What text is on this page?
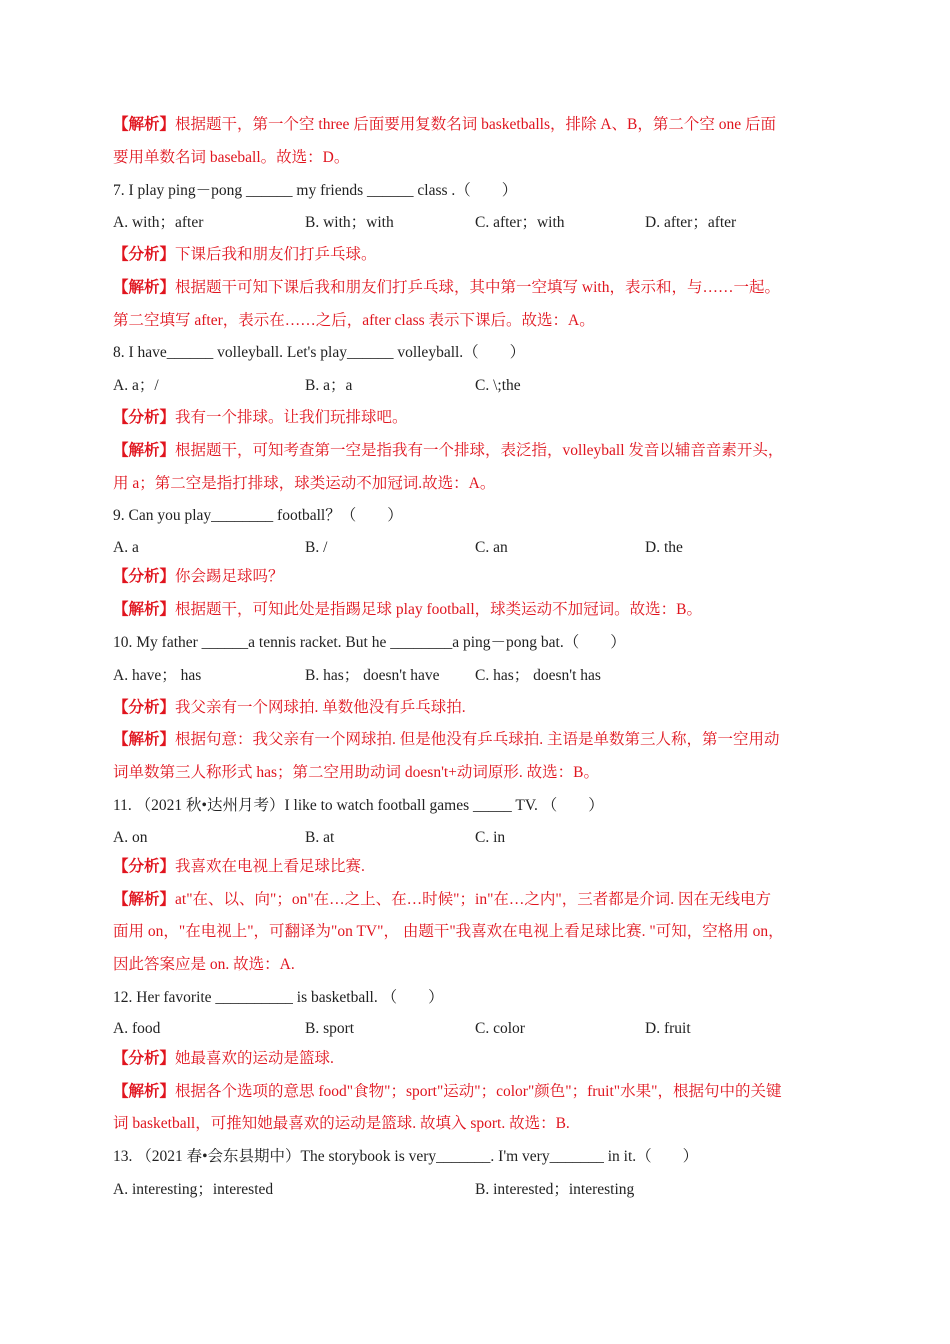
【解析】根据题干，第一个空 three 后面要用复数名词 basketballs，排除 A、B，第二个空 one 后面
要用单数名词 baseball。故选：D。
7. I play ping－pong ______ my friends ______ class .（　　）
A. with；after	B. with；with	C. after；with	D. after；after
【分析】下课后我和朋友们打乒乓球。
【解析】根据题干可知下课后我和朋友们打乒乓球，其中第一空填写 with，表示和，与……一起。
第二空填写 after，表示在……之后，after class 表示下课后。故选：A。
8. I have______ volleyball. Let's play______ volleyball.（　　）
A. a；/	B. a；a	C. \;the
【分析】我有一个排球。让我们玩排球吧。
【解析】根据题干，可知考查第一空是指我有一个排球，表泛指，volleyball 发音以辅音音素开头，
用 a；第二空是指打排球，球类运动不加冠词.故选：A。
9. Can you play________ football？（　　）
A. a	B. /	C. an	D. the
【分析】你会踢足球吗？
【解析】根据题干，可知此处是指踢足球 play football，球类运动不加冠词。故选：B。
10. My father ______a tennis racket. But he ________a ping－pong bat.（　　）
A. have； has	B. has； doesn't have C. has； doesn't has
【分析】我父亲有一个网球拍. 单数他没有乒乓球拍.
【解析】根据句意：我父亲有一个网球拍. 但是他没有乒乓球拍. 主语是单数第三人称，第一空用动
词单数第三人称形式 has；第二空用助动词 doesn't+动词原形. 故选：B。
11. （2021 秋•达州月考）I like to watch football games _____ TV. （　　）
A. on	B. at	C. in
【分析】我喜欢在电视上看足球比赛.
【解析】at"在、以、向"；on"在…之上、在…时候"；in"在…之内"，三者都是介词. 因在无线电方
面用 on，"在电视上"，可翻译为"on TV"， 由题干"我喜欢在电视上看足球比赛. "可知，空格用 on，
因此答案应是 on. 故选：A.
12. Her favorite __________ is basketball. （　　）
A. food	B. sport	C. color	D. fruit
【分析】她最喜欢的运动是篮球.
【解析】根据各个选项的意思 food"食物"；sport"运动"；color"颜色"；fruit"水果"，根据句中的关键
词 basketball，可推知她最喜欢的运动是篮球. 故填入 sport. 故选：B.
13. （2021 春•会东县期中）The storybook is very_______. I'm very_______ in it.（　　）
A. interesting；interested	B. interested；interesting
